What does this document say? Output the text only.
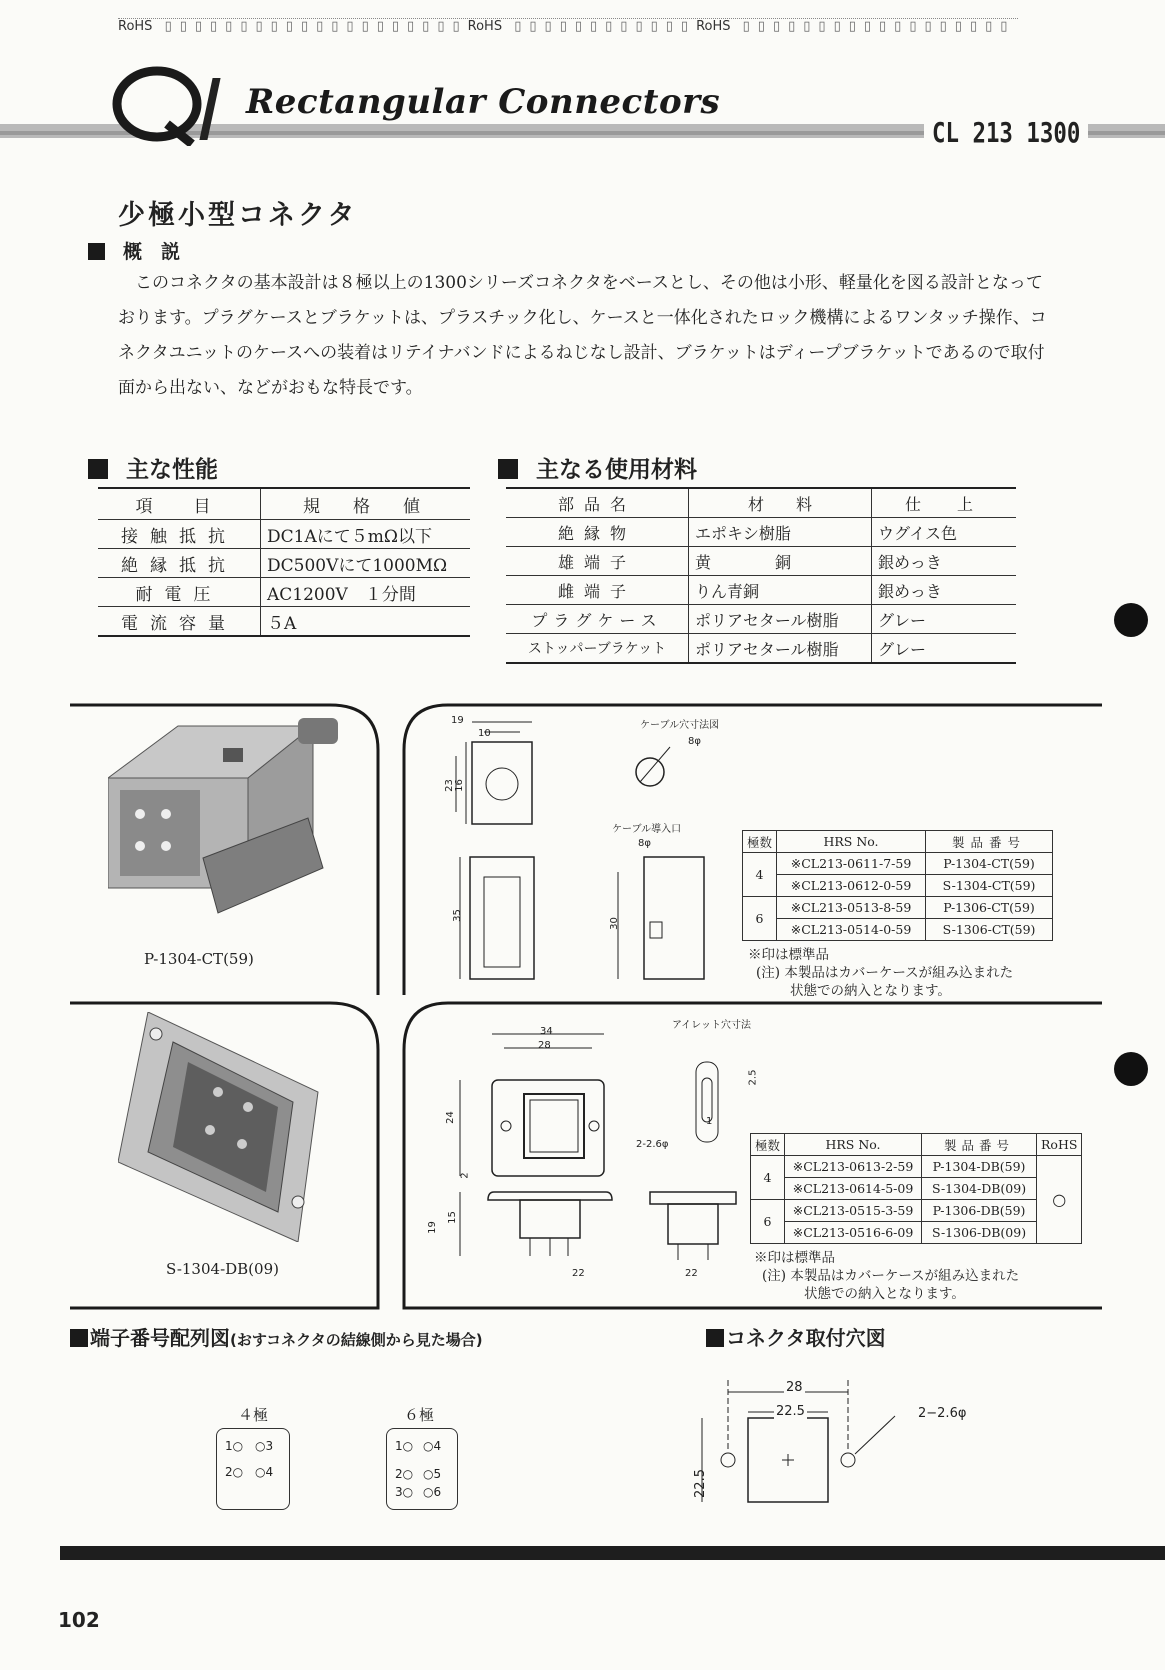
RoHS ▯▯▯▯▯▯▯▯▯▯▯▯▯▯▯▯▯▯▯▯RoHS ▯▯▯▯▯▯▯▯▯▯▯▯RoHS ▯▯▯▯▯▯▯▯▯▯▯▯▯▯▯▯▯▯
Rectangular Connectors
CL 213 1300
少極小型コネクタ
概　説
このコネクタの基本設計は８極以上の1300シリーズコネクタをベースとし、その他は小形、軽量化を図る設計となっております。プラグケースとブラケットは、プラスチック化し、ケースと一体化されたロック機構によるワンタッチ操作、コネクタユニットのケースへの装着はリテイナバンドによるねじなし設計、ブラケットはディープブラケットであるので取付面から出ない、などがおもな特長です。
主な性能
項　目	規　格　値
接触抵抗	DC1Aにて５mΩ以下
絶縁抵抗	DC500Vにて1000MΩ
耐電圧	AC1200V　１分間
電流容量	５A
主なる使用材料
部品名	材　　料	仕　上
絶縁物	エポキシ樹脂	ウグイス色
雄端子	黄　　　　銅	銀めっき
雌端子	りん青銅	銀めっき
プラグケース	ポリアセタール樹脂	グレー
ストッパーブラケット	ポリアセタール樹脂	グレー
P-1304-CT(59)
19
10
23 16
35
30
8φ
8φ
ケーブル穴寸法図
ケーブル導入口
極数	HRS No.	製品番号
4	※CL213-0611-7-59	P-1304-CT(59)
	※CL213-0612-0-59	S-1304-CT(59)
6	※CL213-0513-8-59	P-1306-CT(59)
	※CL213-0514-0-59	S-1306-CT(59)
※印は標準品
(注) 本製品はカバーケースが組み込まれた
状態での納入となります。
S-1304-DB(09)
34
28
24
2-2.6φ
2
19
15
22	22
2.5
1
アイレット穴寸法
極数	HRS No.	製品番号	RoHS
4	※CL213-0613-2-59	P-1304-DB(59)	○
	※CL213-0614-5-09	S-1304-DB(09)	
6	※CL213-0515-3-59	P-1306-DB(59)	
	※CL213-0516-6-09	S-1306-DB(09)	
※印は標準品
(注) 本製品はカバーケースが組み込まれた
状態での納入となります。
端子番号配列図(おすコネクタの結線側から見た場合)
４極
1○ ○3
2○ ○4
６極
1○ ○4
2○ ○5
3○ ○6
コネクタ取付穴図
28
22.5
22.5
2−2.6φ
102
